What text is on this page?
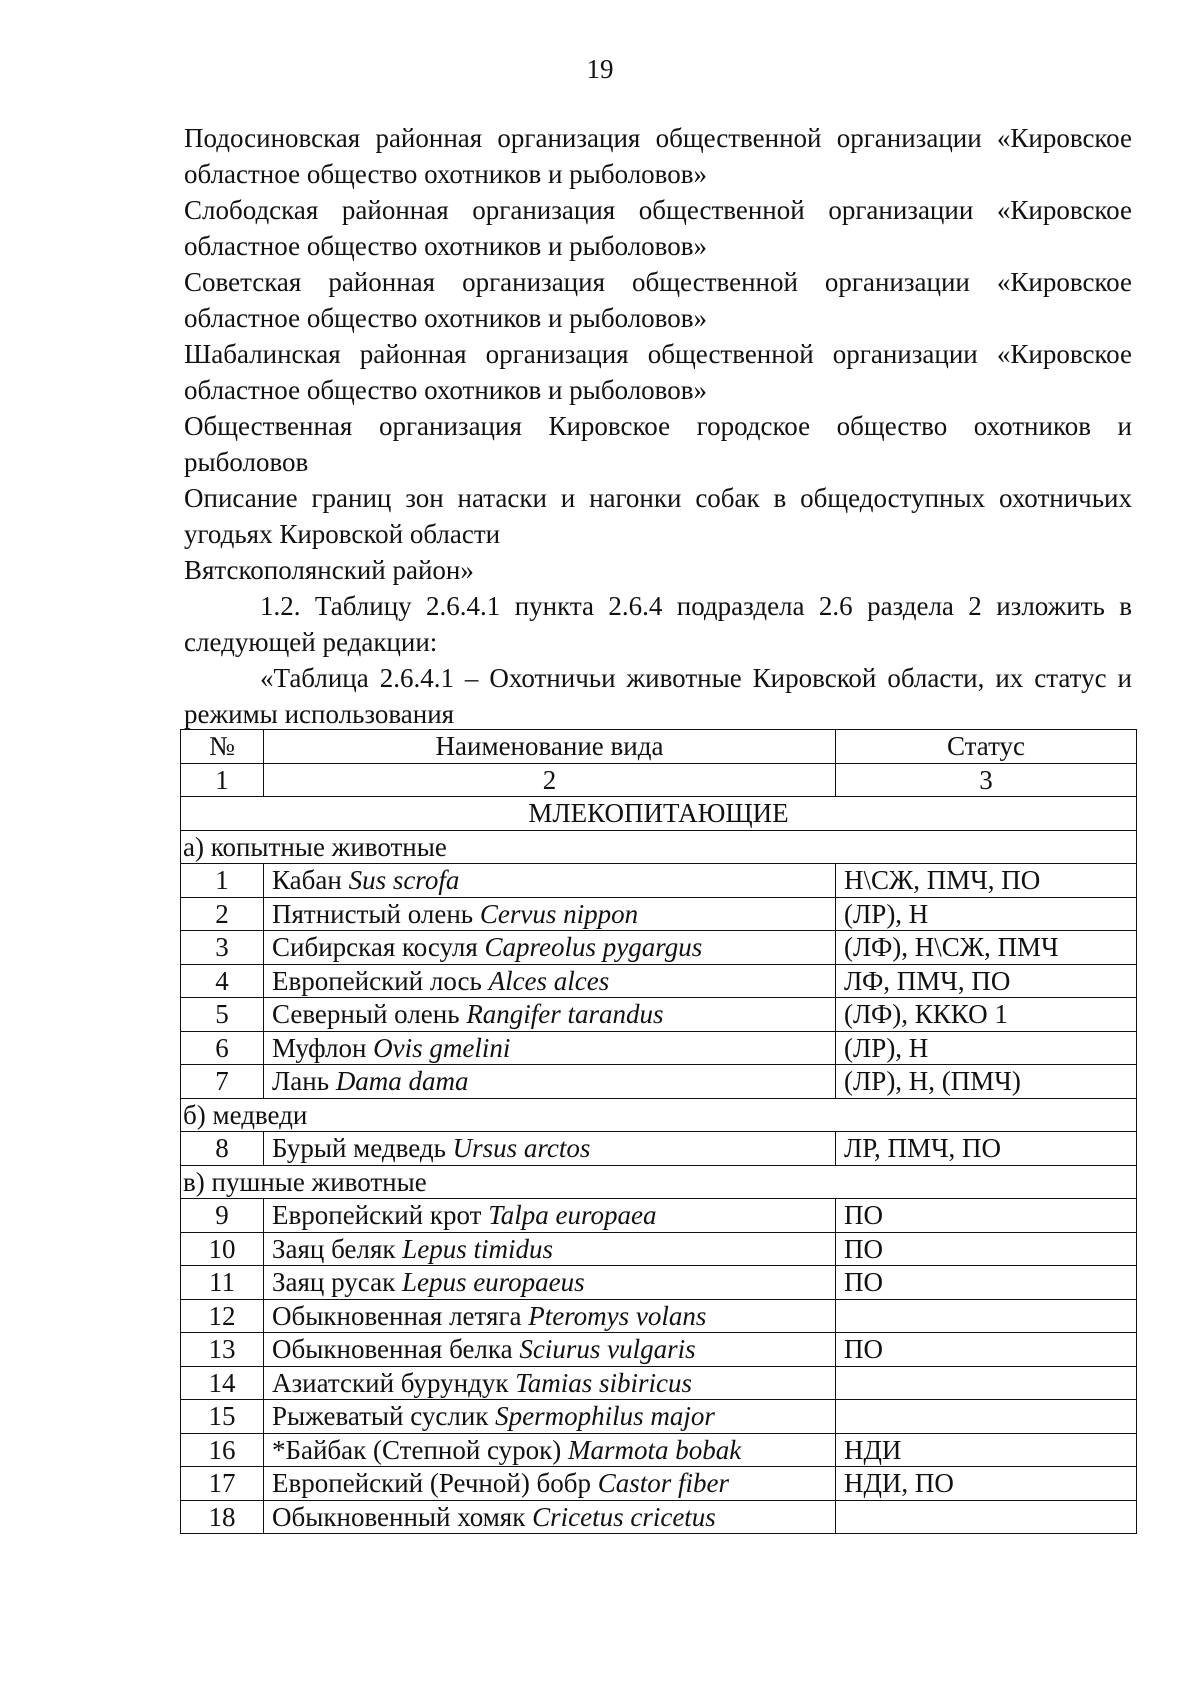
19

Подосиновская районная организация общественной организации «Кировское областное общество охотников и рыболовов»

Слободская районная организация общественной организации «Кировское областное общество охотников и рыболовов»

Советская районная организация общественной организации «Кировское областное общество охотников и рыболовов»

Шабалинская районная организация общественной организации «Кировское областное общество охотников и рыболовов»

Общественная организация Кировское городское общество охотников и рыболовов

Описание границ зон натаски и нагонки собак в общедоступных охотничьих угодьях Кировской области

Вятскополянский район»

1.2. Таблицу 2.6.4.1 пункта 2.6.4 подраздела 2.6 раздела 2 изложить в следующей редакции:

«Таблица 2.6.4.1 – Охотничьи животные Кировской области, их статус и режимы использования

№	Наименование вида	Статус
1	2	3
МЛЕКОПИТАЮЩИЕ		
а) копытные животные		
1	Кабан Sus scrofa	Н\СЖ, ПМЧ, ПО
2	Пятнистый олень Cervus nippon	(ЛР), Н
3	Сибирская косуля Capreolus pygargus	(ЛФ), Н\СЖ, ПМЧ
4	Европейский лось Alces alces	ЛФ, ПМЧ, ПО
5	Северный олень Rangifer tarandus	(ЛФ), КККО 1
6	Муфлон Ovis gmelini	(ЛР), Н
7	Лань Dama dama	(ЛР), Н, (ПМЧ)
б) медведи		
8	Бурый медведь Ursus arctos	ЛР, ПМЧ, ПО
в) пушные животные		
9	Европейский крот Talpa europaea	ПО
10	Заяц беляк Lepus timidus	ПО
11	Заяц русак Lepus europaeus	ПО
12	Обыкновенная летяга Pteromys volans	
13	Обыкновенная белка Sciurus vulgaris	ПО
14	Азиатский бурундук Tamias sibiricus	
15	Рыжеватый суслик Spermophilus major	
16	*Байбак (Степной сурок) Marmota bobak	НДИ
17	Европейский (Речной) бобр Castor fiber	НДИ, ПО
18	Обыкновенный хомяк Cricetus cricetus	
